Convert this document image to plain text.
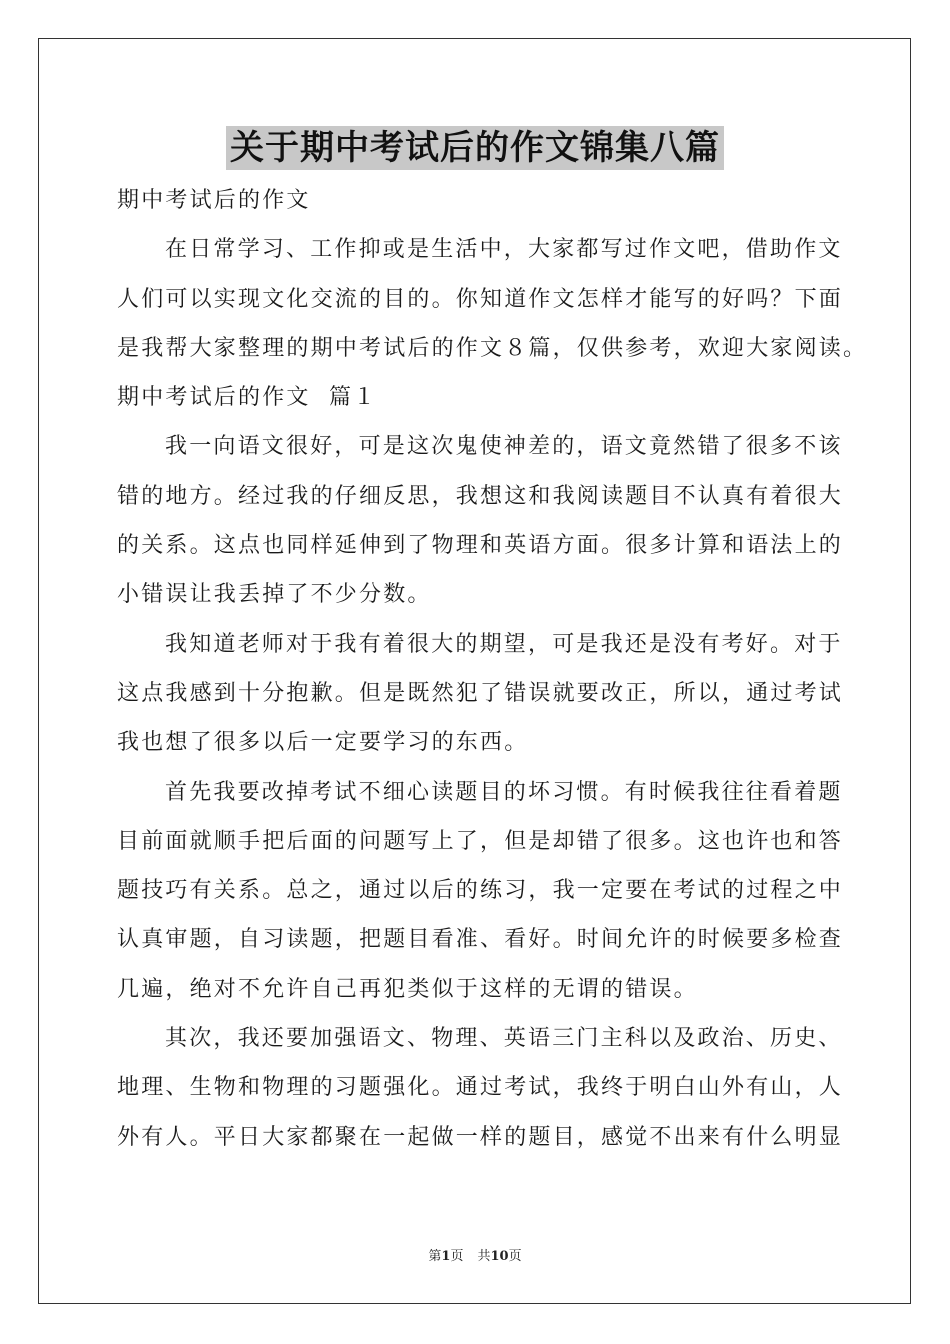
关于期中考试后的作文锦集八篇
期中考试后的作文
在日常学习、工作抑或是生活中，大家都写过作文吧，借助作文
人们可以实现文化交流的目的。你知道作文怎样才能写的好吗？下面
是我帮大家整理的期中考试后的作文８篇，仅供参考，欢迎大家阅读。
期中考试后的作文  篇１
我一向语文很好，可是这次鬼使神差的，语文竟然错了很多不该
错的地方。经过我的仔细反思，我想这和我阅读题目不认真有着很大
的关系。这点也同样延伸到了物理和英语方面。很多计算和语法上的
小错误让我丢掉了不少分数。
我知道老师对于我有着很大的期望，可是我还是没有考好。对于
这点我感到十分抱歉。但是既然犯了错误就要改正，所以，通过考试
我也想了很多以后一定要学习的东西。
首先我要改掉考试不细心读题目的坏习惯。有时候我往往看着题
目前面就顺手把后面的问题写上了，但是却错了很多。这也许也和答
题技巧有关系。总之，通过以后的练习，我一定要在考试的过程之中
认真审题，自习读题，把题目看准、看好。时间允许的时候要多检查
几遍，绝对不允许自己再犯类似于这样的无谓的错误。
其次，我还要加强语文、物理、英语三门主科以及政治、历史、
地理、生物和物理的习题强化。通过考试，我终于明白山外有山，人
外有人。平日大家都聚在一起做一样的题目，感觉不出来有什么明显
第1页 共10页
